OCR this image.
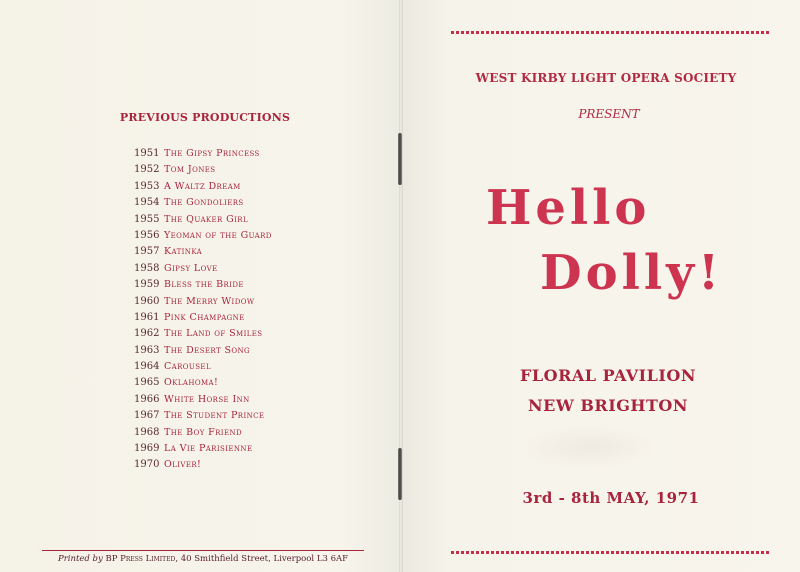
PREVIOUS PRODUCTIONS
1951 The Gipsy Princess
1952 Tom Jones
1953 A Waltz Dream
1954 The Gondoliers
1955 The Quaker Girl
1956 Yeoman of the Guard
1957 Katinka
1958 Gipsy Love
1959 Bless the Bride
1960 The Merry Widow
1961 Pink Champagne
1962 The Land of Smiles
1963 The Desert Song
1964 Carousel
1965 Oklahoma!
1966 White Horse Inn
1967 The Student Prince
1968 The Boy Friend
1969 La Vie Parisienne
1970 Oliver!
Printed by BP Press Limited, 40 Smithfield Street, Liverpool L3 6AF
WEST KIRBY LIGHT OPERA SOCIETY
PRESENT
Hello
Dolly!
FLORAL PAVILION
NEW BRIGHTON
3rd - 8th MAY, 1971
